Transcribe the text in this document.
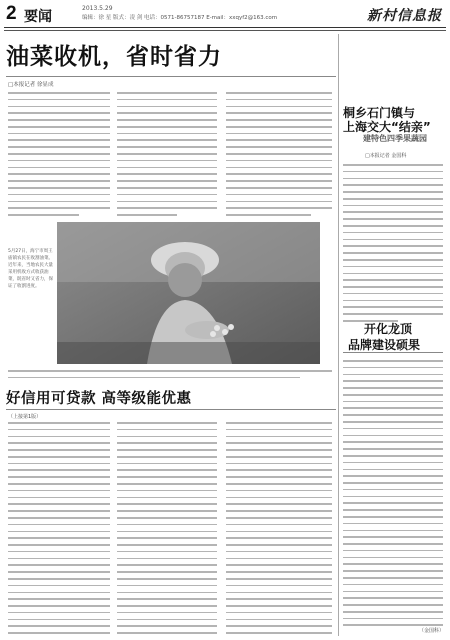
2 要闻
2013.5.29
编辑：徐 星 版式：凌 剑 电话：0571-86757187 E-mail：xxqyf2@163.com	新村信息报
油菜收机，省时省力
□本报记者 徐显成
5月27日，海宁市周王庙镇农民在收割油菜。近年来，当地农民大量采用机收方式收获油菜，既省时又省力，保证了收割进度。
好信用可贷款 高等级能优惠
（上接第1版）
桐乡石门镇与
上海交大“结亲”
建特色四季果蔬园
□本报记者 金国科
开化龙顶
品牌建设硕果
（金国科）
